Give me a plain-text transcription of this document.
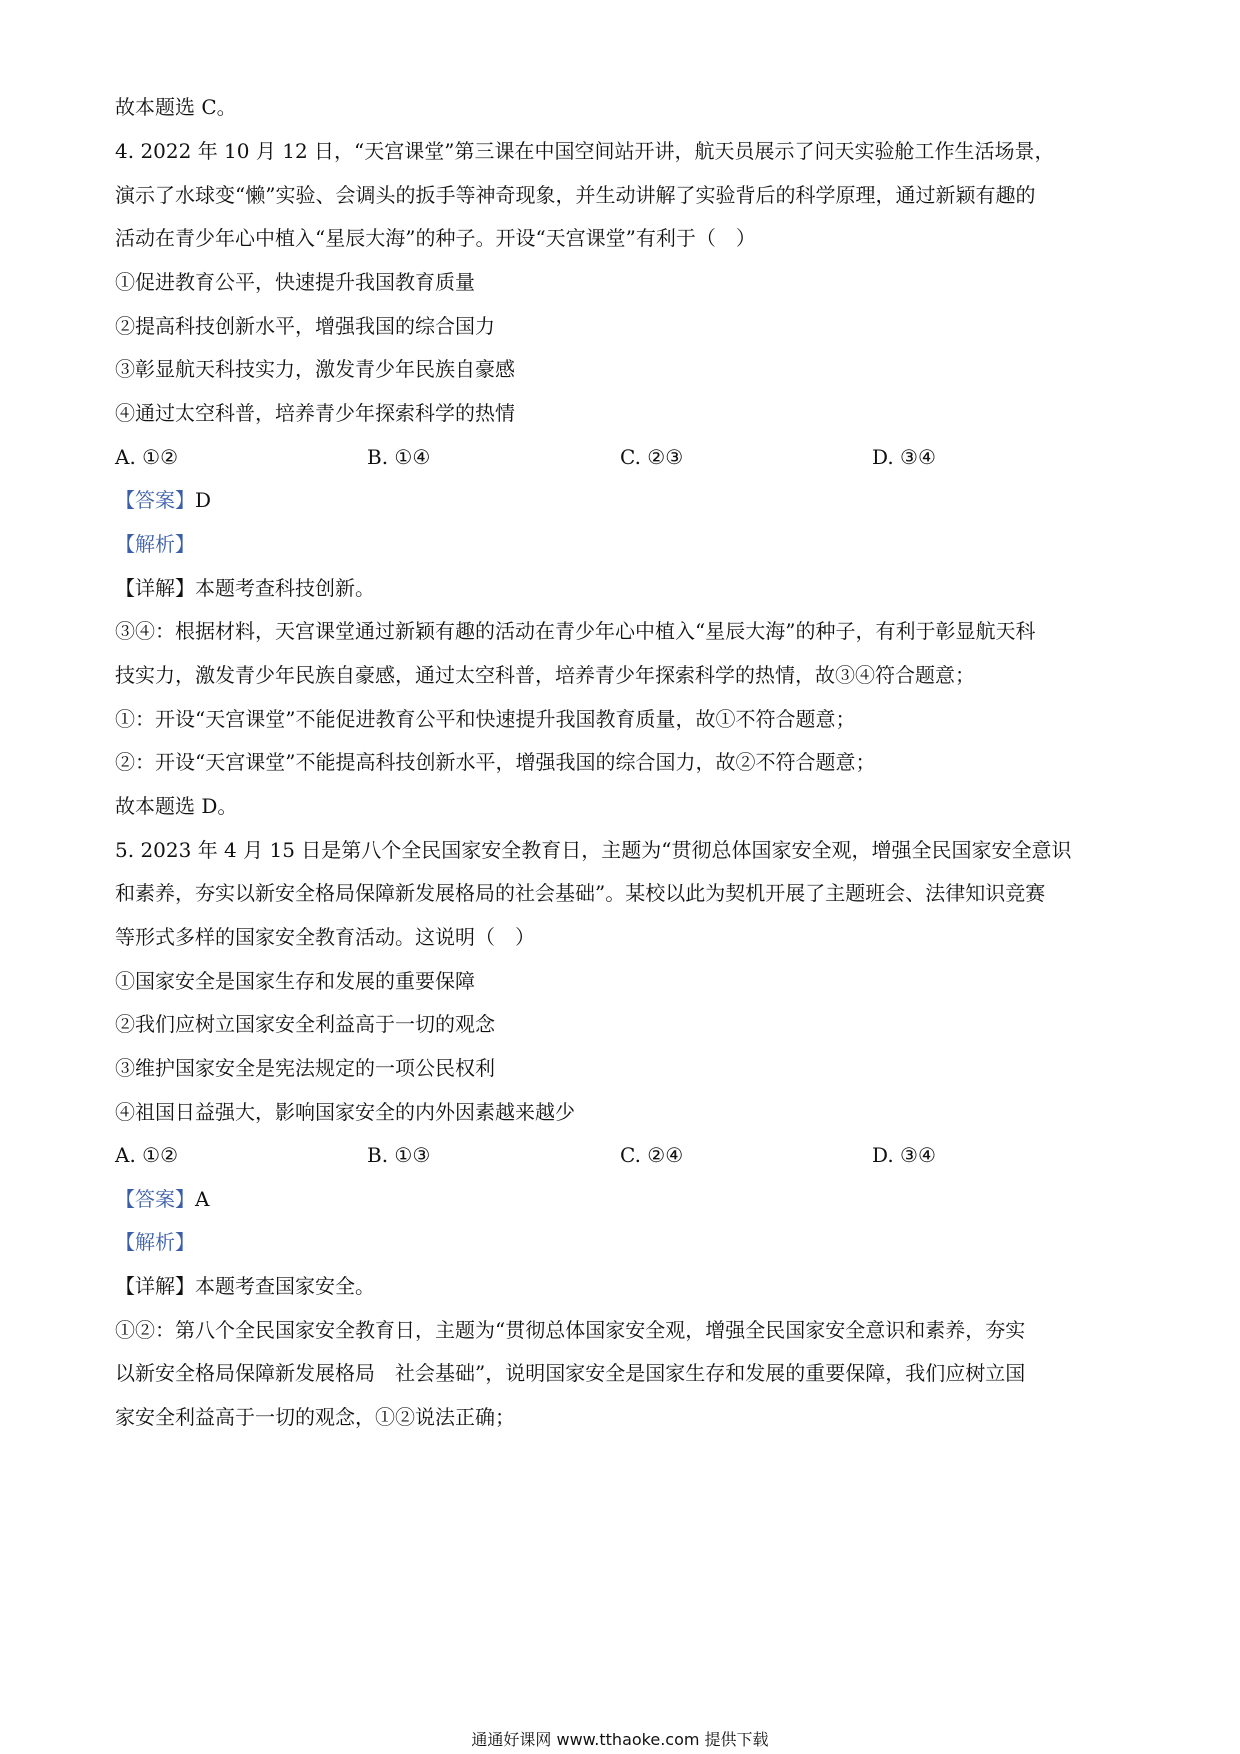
故本题选 C。
4. 2022 年 10 月 12 日，“天宫课堂”第三课在中国空间站开讲，航天员展示了问天实验舱工作生活场景，
演示了水球变“懒”实验、会调头的扳手等神奇现象，并生动讲解了实验背后的科学原理，通过新颖有趣的
活动在青少年心中植入“星辰大海”的种子。开设“天宫课堂”有利于（　）
①促进教育公平，快速提升我国教育质量
②提高科技创新水平，增强我国的综合国力
③彰显航天科技实力，激发青少年民族自豪感
④通过太空科普，培养青少年探索科学的热情
A. ①②	B. ①④	C. ②③	D. ③④
【答案】D
【解析】
【详解】本题考查科技创新。
③④：根据材料，天宫课堂通过新颖有趣的活动在青少年心中植入“星辰大海”的种子，有利于彰显航天科
技实力，激发青少年民族自豪感，通过太空科普，培养青少年探索科学的热情，故③④符合题意；
①：开设“天宫课堂”不能促进教育公平和快速提升我国教育质量，故①不符合题意；
②：开设“天宫课堂”不能提高科技创新水平，增强我国的综合国力，故②不符合题意；
故本题选 D。
5. 2023 年 4 月 15 日是第八个全民国家安全教育日，主题为“贯彻总体国家安全观，增强全民国家安全意识
和素养，夯实以新安全格局保障新发展格局的社会基础”。某校以此为契机开展了主题班会、法律知识竞赛
等形式多样的国家安全教育活动。这说明（　）
①国家安全是国家生存和发展的重要保障
②我们应树立国家安全利益高于一切的观念
③维护国家安全是宪法规定的一项公民权利
④祖国日益强大，影响国家安全的内外因素越来越少
A. ①②	B. ①③	C. ②④	D. ③④
【答案】A
【解析】
【详解】本题考查国家安全。
①②：第八个全民国家安全教育日，主题为“贯彻总体国家安全观，增强全民国家安全意识和素养，夯实
以新安全格局保障新发展格局　社会基础”，说明国家安全是国家生存和发展的重要保障，我们应树立国
家安全利益高于一切的观念，①②说法正确；
通通好课网 www.tthaoke.com 提供下载
